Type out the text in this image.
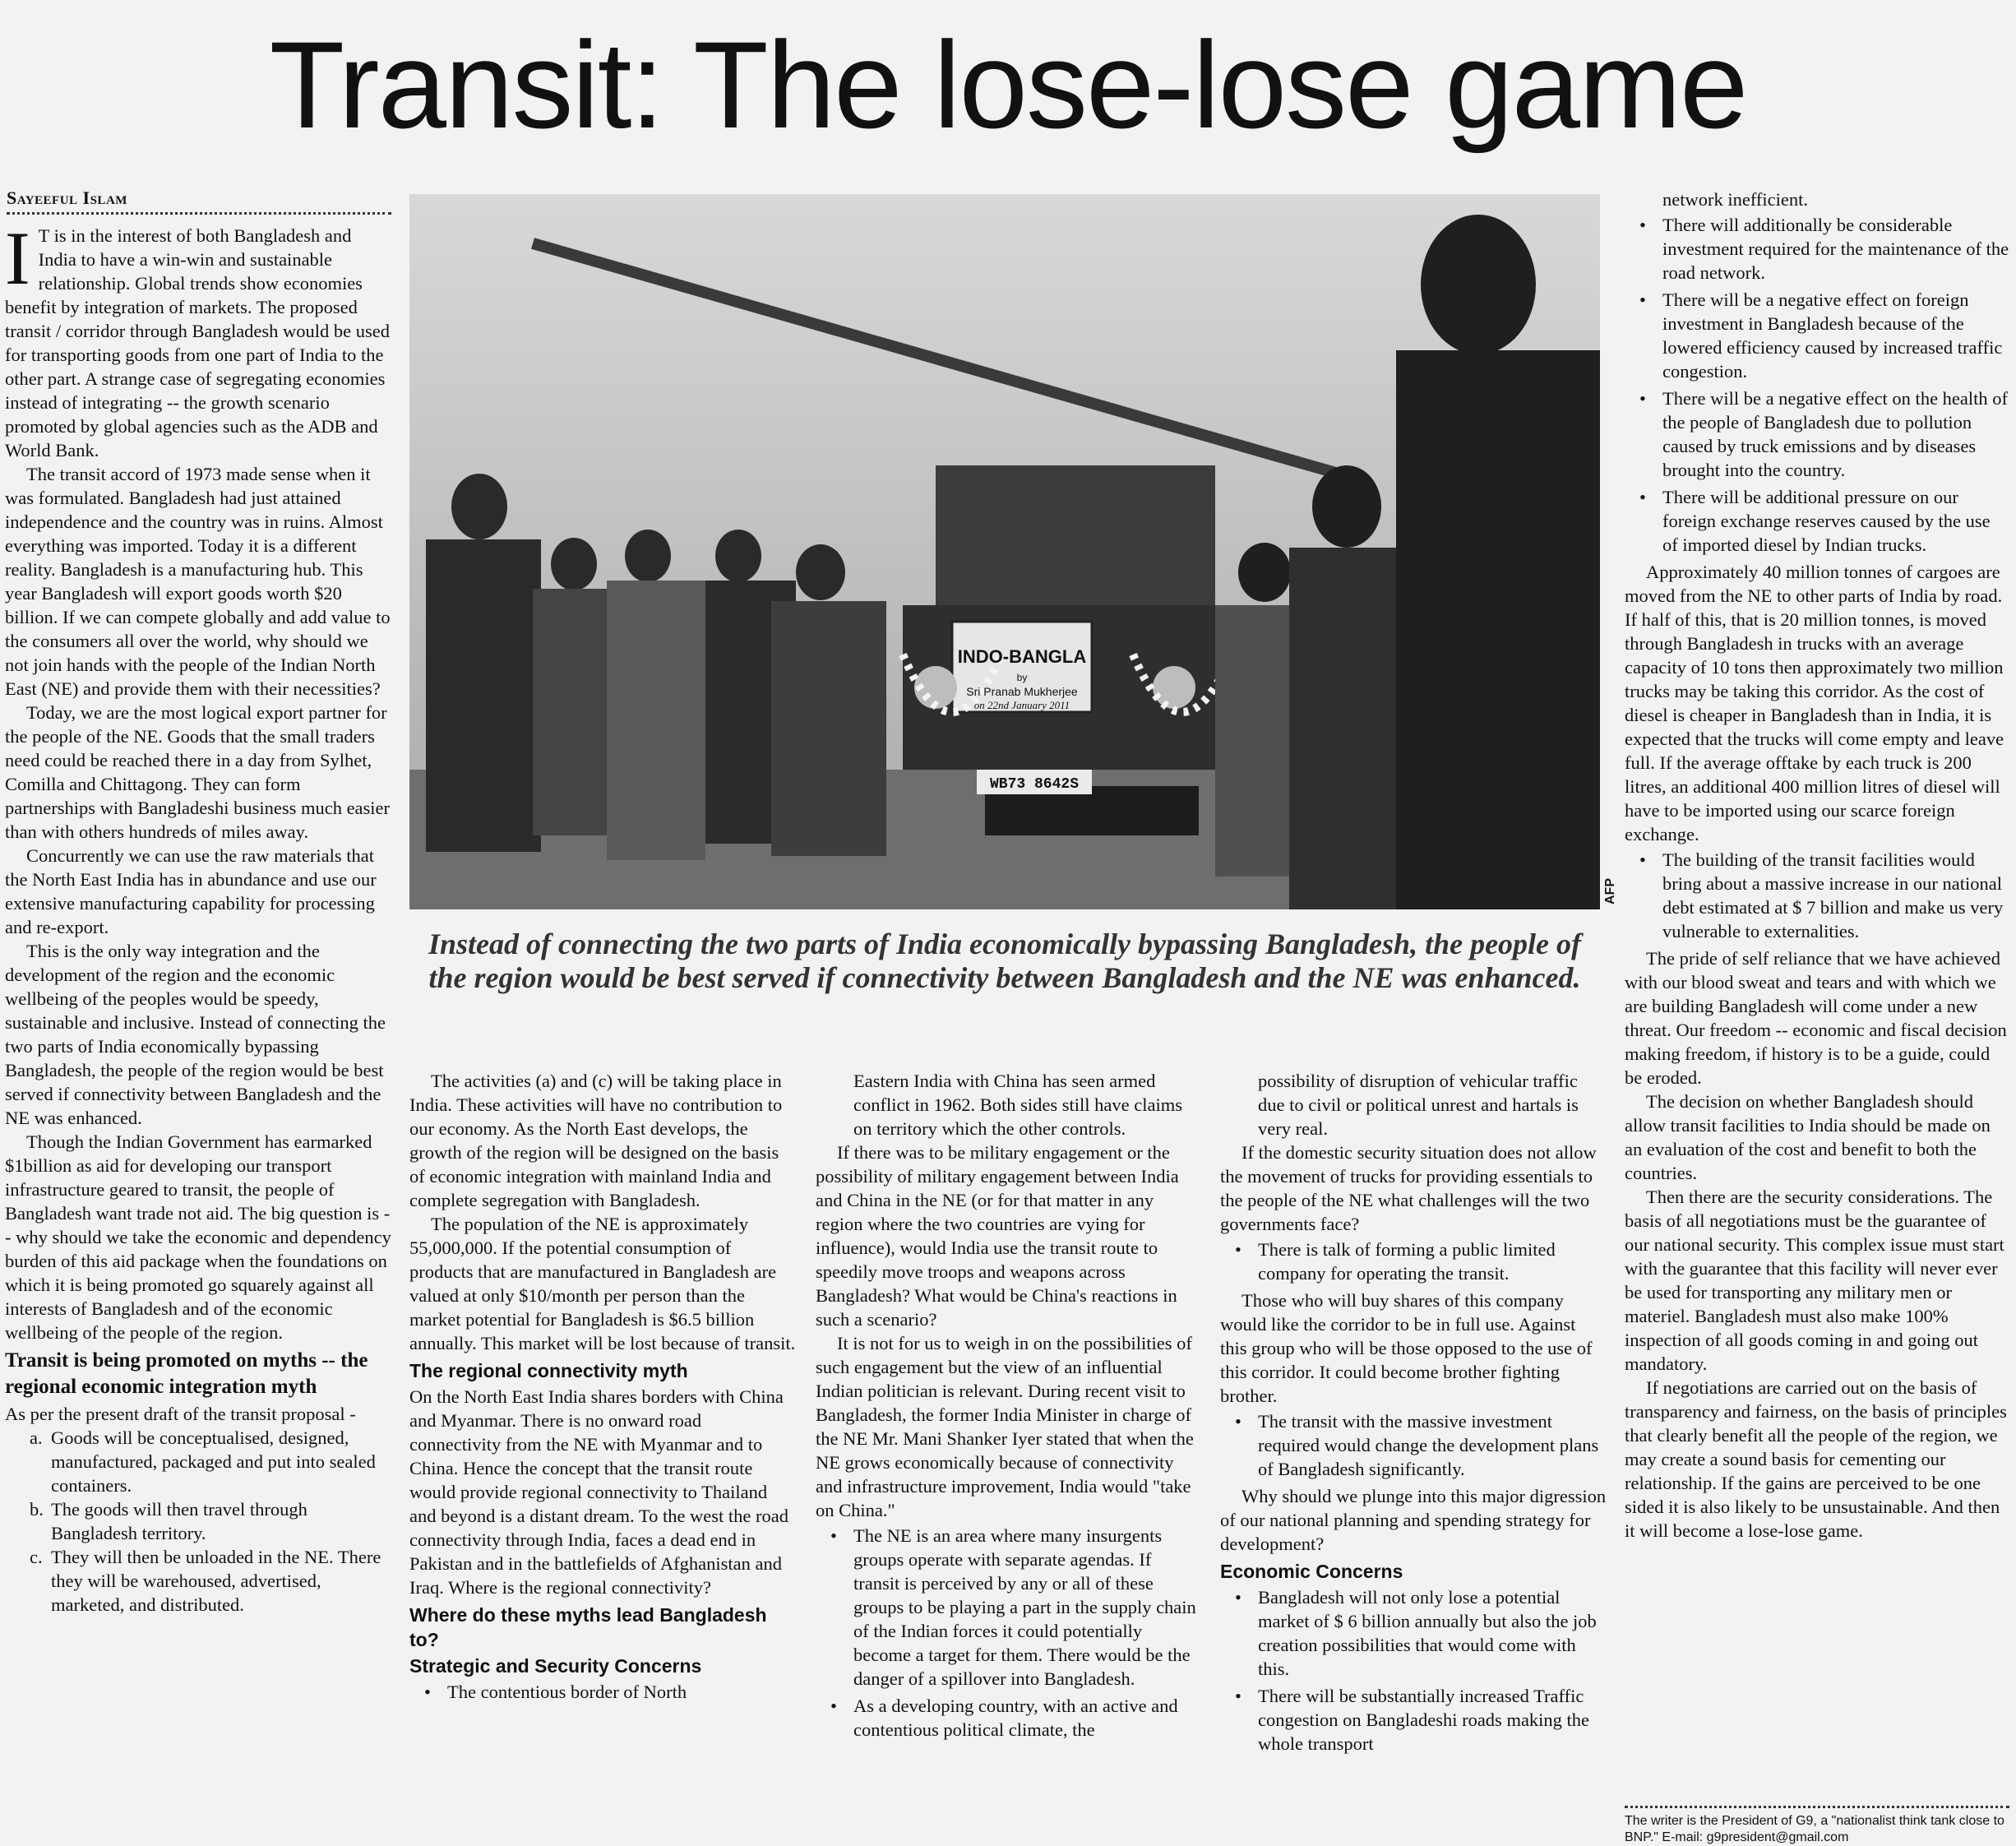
Transit: The lose-lose game
Sayeeful Islam

I T is in the interest of both Bangladesh and India to have a win-win and sustainable relationship. Global trends show economies benefit by integration of markets. The proposed transit / corridor through Bangladesh would be used for transporting goods from one part of India to the other part. A strange case of segregating economies instead of integrating -- the growth scenario promoted by global agencies such as the ADB and World Bank.

The transit accord of 1973 made sense when it was formulated. Bangladesh had just attained independence and the country was in ruins. Almost everything was imported. Today it is a different reality. Bangladesh is a manufacturing hub. This year Bangladesh will export goods worth $20 billion. If we can compete globally and add value to the consumers all over the world, why should we not join hands with the people of the Indian North East (NE) and provide them with their necessities?

Today, we are the most logical export partner for the people of the NE. Goods that the small traders need could be reached there in a day from Sylhet, Comilla and Chittagong. They can form partnerships with Bangladeshi business much easier than with others hundreds of miles away.

Concurrently we can use the raw materials that the North East India has in abundance and use our extensive manufacturing capability for processing and re-export.

This is the only way integration and the development of the region and the economic wellbeing of the peoples would be speedy, sustainable and inclusive. Instead of connecting the two parts of India economically bypassing Bangladesh, the people of the region would be best served if connectivity between Bangladesh and the NE was enhanced.

Though the Indian Government has earmarked $1billion as aid for developing our transport infrastructure geared to transit, the people of Bangladesh want trade not aid. The big question is -- why should we take the economic and dependency burden of this aid package when the foundations on which it is being promoted go squarely against all interests of Bangladesh and of the economic wellbeing of the people of the region.

Transit is being promoted on myths -- the regional economic integration myth

As per the present draft of the transit proposal -

a. Goods will be conceptualised, designed, manufactured, packaged and put into sealed containers.
b. The goods will then travel through Bangladesh territory.
c. They will then be unloaded in the NE. There they will be warehoused, advertised, marketed, and distributed.
INDO-BANGLA
by
Sri Pranab Mukherjee
on 22nd January 2011
WB73 8642S
AFP
Instead of connecting the two parts of India economically bypassing Bangladesh, the people of the region would be best served if connectivity between Bangladesh and the NE was enhanced.

The activities (a) and (c) will be taking place in India. These activities will have no contribution to our economy. As the North East develops, the growth of the region will be designed on the basis of economic integration with mainland India and complete segregation with Bangladesh.

The population of the NE is approximately 55,000,000. If the potential consumption of products that are manufactured in Bangladesh are valued at only $10/month per person than the market potential for Bangladesh is $6.5 billion annually. This market will be lost because of transit.

The regional connectivity myth

On the North East India shares borders with China and Myanmar. There is no onward road connectivity from the NE with Myanmar and to China. Hence the concept that the transit route would provide regional connectivity to Thailand and beyond is a distant dream. To the west the road connectivity through India, faces a dead end in Pakistan and in the battlefields of Afghanistan and Iraq. Where is the regional connectivity?

Where do these myths lead Bangladesh to?
Strategic and Security Concerns
• The contentious border of North

Eastern India with China has seen armed conflict in 1962. Both sides still have claims on territory which the other controls.

If there was to be military engagement or the possibility of military engagement between India and China in the NE (or for that matter in any region where the two countries are vying for influence), would India use the transit route to speedily move troops and weapons across Bangladesh? What would be China's reactions in such a scenario?

It is not for us to weigh in on the possibilities of such engagement but the view of an influential Indian politician is relevant. During recent visit to Bangladesh, the former India Minister in charge of the NE Mr. Mani Shanker Iyer stated that when the NE grows economically because of connectivity and infrastructure improvement, India would "take on China."

• The NE is an area where many insurgents groups operate with separate agendas. If transit is perceived by any or all of these groups to be playing a part in the supply chain of the Indian forces it could potentially become a target for them. There would be the danger of a spillover into Bangladesh.
• As a developing country, with an active and contentious political climate, the

possibility of disruption of vehicular traffic due to civil or political unrest and hartals is very real.

If the domestic security situation does not allow the movement of trucks for providing essentials to the people of the NE what challenges will the two governments face?

• There is talk of forming a public limited company for operating the transit.

Those who will buy shares of this company would like the corridor to be in full use. Against this group who will be those opposed to the use of this corridor. It could become brother fighting brother.

• The transit with the massive investment required would change the development plans of Bangladesh significantly.

Why should we plunge into this major digression of our national planning and spending strategy for development?

Economic Concerns
• Bangladesh will not only lose a potential market of $ 6 billion annually but also the job creation possibilities that would come with this.
• There will be substantially increased Traffic congestion on Bangladeshi roads making the whole transport

network inefficient.

• There will additionally be considerable investment required for the maintenance of the road network.
• There will be a negative effect on foreign investment in Bangladesh because of the lowered efficiency caused by increased traffic congestion.
• There will be a negative effect on the health of the people of Bangladesh due to pollution caused by truck emissions and by diseases brought into the country.
• There will be additional pressure on our foreign exchange reserves caused by the use of imported diesel by Indian trucks.

Approximately 40 million tonnes of cargoes are moved from the NE to other parts of India by road. If half of this, that is 20 million tonnes, is moved through Bangladesh in trucks with an average capacity of 10 tons then approximately two million trucks may be taking this corridor. As the cost of diesel is cheaper in Bangladesh than in India, it is expected that the trucks will come empty and leave full. If the average offtake by each truck is 200 litres, an additional 400 million litres of diesel will have to be imported using our scarce foreign exchange.

• The building of the transit facilities would bring about a massive increase in our national debt estimated at $ 7 billion and make us very vulnerable to externalities.

The pride of self reliance that we have achieved with our blood sweat and tears and with which we are building Bangladesh will come under a new threat. Our freedom -- economic and fiscal decision making freedom, if history is to be a guide, could be eroded.

The decision on whether Bangladesh should allow transit facilities to India should be made on an evaluation of the cost and benefit to both the countries.

Then there are the security considerations. The basis of all negotiations must be the guarantee of our national security. This complex issue must start with the guarantee that this facility will never ever be used for transporting any military men or materiel. Bangladesh must also make 100% inspection of all goods coming in and going out mandatory.

If negotiations are carried out on the basis of transparency and fairness, on the basis of principles that clearly benefit all the people of the region, we may create a sound basis for cementing our relationship. If the gains are perceived to be one sided it is also likely to be unsustainable. And then it will become a lose-lose game.

The writer is the President of G9, a "nationalist think tank close to BNP." E-mail: g9president@gmail.com
